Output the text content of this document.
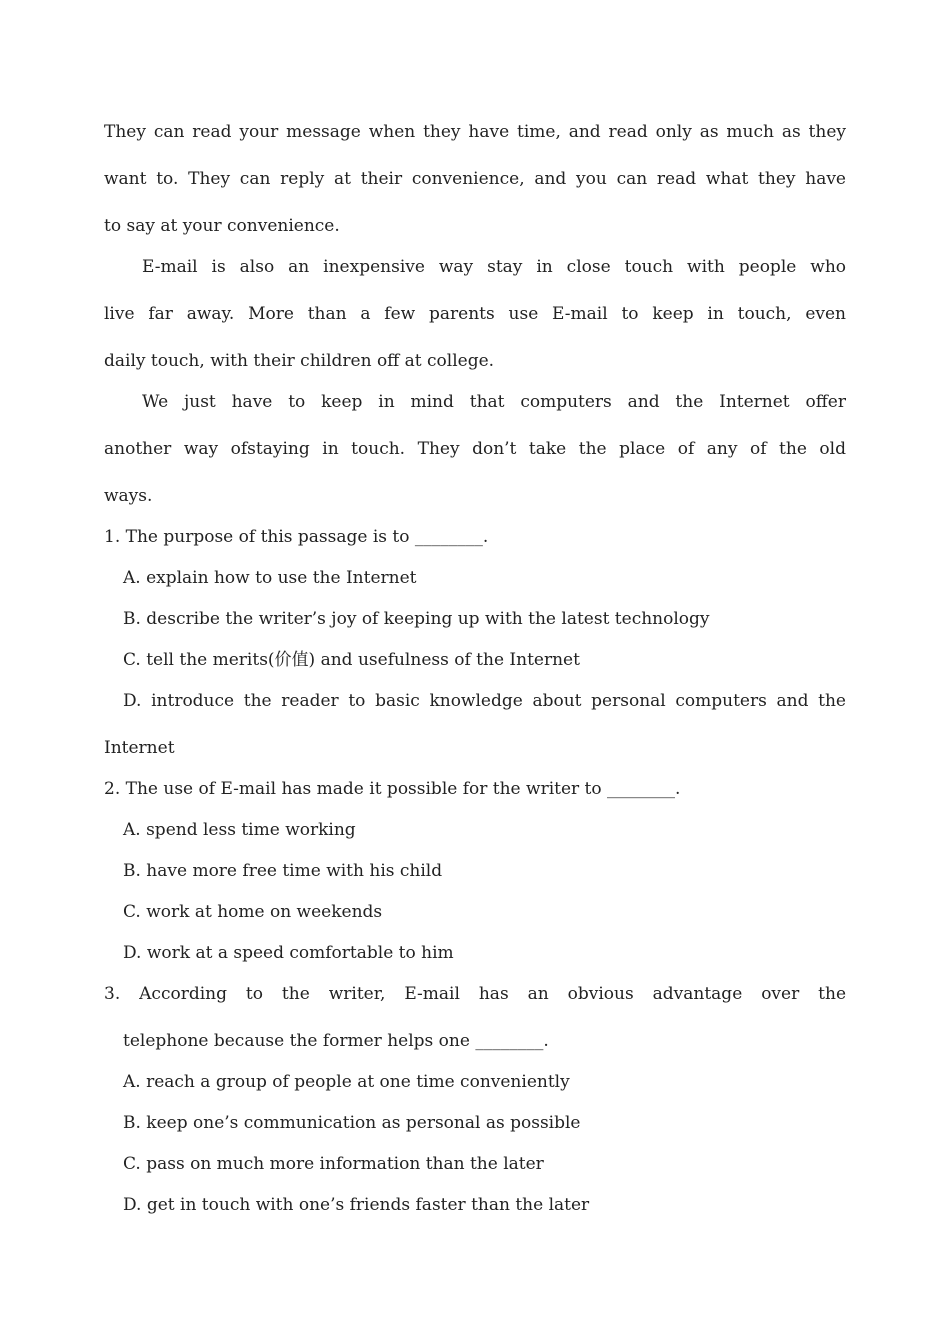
They can read your message when they have time, and read only as much as they
want to. They can reply at their convenience, and you can read what they have
to say at your convenience.
E-mail is also an inexpensive way stay in close touch with people who
live far away. More than a few parents use E-mail to keep in touch, even
daily touch, with their children off at college.
We just have to keep in mind that computers and the Internet offer
another way ofstaying in touch. They don’t take the place of any of the old
ways.
1. The purpose of this passage is to ________.
A. explain how to use the Internet
B. describe the writer’s joy of keeping up with the latest technology
C. tell the merits(价值) and usefulness of the Internet
D. introduce the reader to basic knowledge about personal computers and the
Internet
2. The use of E-mail has made it possible for the writer to ________.
A. spend less time working
B. have more free time with his child
C. work at home on weekends
D. work at a speed comfortable to him
3. According to the writer, E-mail has an obvious advantage over the
telephone because the former helps one ________.
A. reach a group of people at one time conveniently
B. keep one’s communication as personal as possible
C. pass on much more information than the later
D. get in touch with one’s friends faster than the later
